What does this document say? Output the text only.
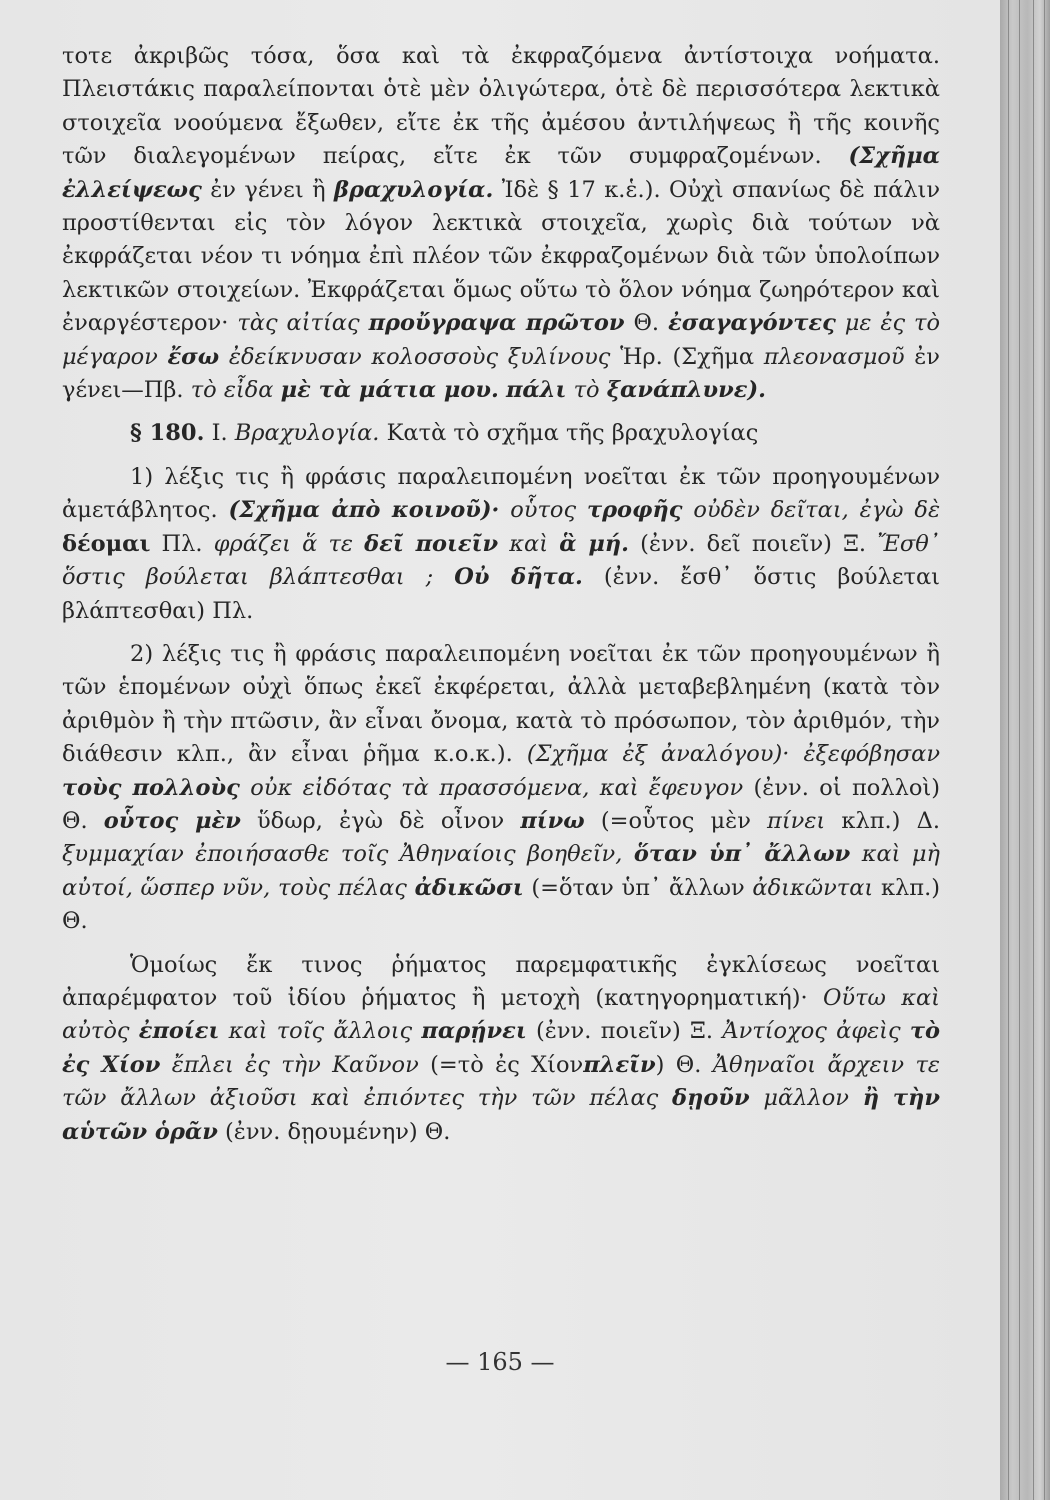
τοτε ἀκριβῶς τόσα, ὅσα καὶ τὰ ἐκφραζόμενα ἀντίστοιχα νοήματα. Πλειστάκις παραλείπονται ὁτὲ μὲν ὀλιγώτερα, ὁτὲ δὲ περισσότερα λεκτικὰ στοιχεῖα νοούμενα ἔξωθεν, εἴτε ἐκ τῆς ἀμέσου ἀντιλήψεως ἢ τῆς κοινῆς τῶν διαλεγομένων πείρας, εἴτε ἐκ τῶν συμφραζομένων. (Σχῆμα ἐλλείψεως ἐν γένει ἢ βραχυλογία. Ἰδὲ § 17 κ.ἑ.). Οὐχὶ σπανίως δὲ πάλιν προστίθενται εἰς τὸν λόγον λεκτικὰ στοιχεῖα, χωρὶς διὰ τούτων νὰ ἐκφράζεται νέον τι νόημα ἐπὶ πλέον τῶν ἐκφραζομένων διὰ τῶν ὑπολοίπων λεκτικῶν στοιχείων. Ἐκφράζεται ὅμως οὕτω τὸ ὅλον νόημα ζωηρότερον καὶ ἐναργέστερον· τὰς αἰτίας προὔγραψα πρῶτον Θ. ἐσαγαγόντες με ἐς τὸ μέγαρον ἔσω ἐδείκνυσαν κολοσσοὺς ξυλίνους Ἡρ. (Σχῆμα πλεονασμοῦ ἐν γένει—Πβ. τὸ εἶδα μὲ τὰ μάτια μου. πάλι τὸ ξανάπλυνε).

§ 180. Ι. Βραχυλογία. Κατὰ τὸ σχῆμα τῆς βραχυλογίας

1) λέξις τις ἢ φράσις παραλειπομένη νοεῖται ἐκ τῶν προηγουμένων ἀμετάβλητος. (Σχῆμα ἀπὸ κοινοῦ)· οὗτος τροφῆς οὐδὲν δεῖται, ἐγὼ δὲ δέομαι Πλ. φράζει ἅ τε δεῖ ποιεῖν καὶ ἃ μή. (ἐνν. δεῖ ποιεῖν) Ξ. Ἔσθ᾽ ὅστις βούλεται βλάπτεσθαι ; Οὐ δῆτα. (ἐνν. ἔσθ᾽ ὅστις βούλεται βλάπτεσθαι) Πλ.

2) λέξις τις ἢ φράσις παραλειπομένη νοεῖται ἐκ τῶν προηγουμένων ἢ τῶν ἑπομένων οὐχὶ ὅπως ἐκεῖ ἐκφέρεται, ἀλλὰ μεταβεβλημένη (κατὰ τὸν ἀριθμὸν ἢ τὴν πτῶσιν, ἂν εἶναι ὄνομα, κατὰ τὸ πρόσωπον, τὸν ἀριθμόν, τὴν διάθεσιν κλπ., ἂν εἶναι ῥῆμα κ.ο.κ.). (Σχῆμα ἐξ ἀναλόγου)· ἐξεφόβησαν τοὺς πολλοὺς οὐκ εἰδότας τὰ πρασσόμενα, καὶ ἔφευγον (ἐνν. οἱ πολλοὶ) Θ. οὗτος μὲν ὕδωρ, ἐγὼ δὲ οἶνον πίνω (=οὗτος μὲν πίνει κλπ.) Δ. ξυμμαχίαν ἐποιήσασθε τοῖς Ἀθηναίοις βοηθεῖν, ὅταν ὑπ᾽ ἄλλων καὶ μὴ αὐτοί, ὥσπερ νῦν, τοὺς πέλας ἀδικῶσι (=ὅταν ὑπ᾽ ἄλλων ἀδικῶνται κλπ.) Θ.

Ὁμοίως ἔκ τινος ῥήματος παρεμφατικῆς ἐγκλίσεως νοεῖται ἀπαρέμφατον τοῦ ἰδίου ῥήματος ἢ μετοχὴ (κατηγορηματική)· Οὕτω καὶ αὐτὸς ἐποίει καὶ τοῖς ἄλλοις παρῄνει (ἐνν. ποιεῖν) Ξ. Ἀντίοχος ἀφεὶς τὸ ἐς Χίον ἔπλει ἐς τὴν Καῦνον (=τὸ ἐς Χίονπλεῖν) Θ. Ἀθηναῖοι ἄρχειν τε τῶν ἄλλων ἀξιοῦσι καὶ ἐπιόντες τὴν τῶν πέλας δῃοῦν μᾶλλον ἢ τὴν αὑτῶν ὁρᾶν (ἐνν. δῃουμένην) Θ.

— 165 —
